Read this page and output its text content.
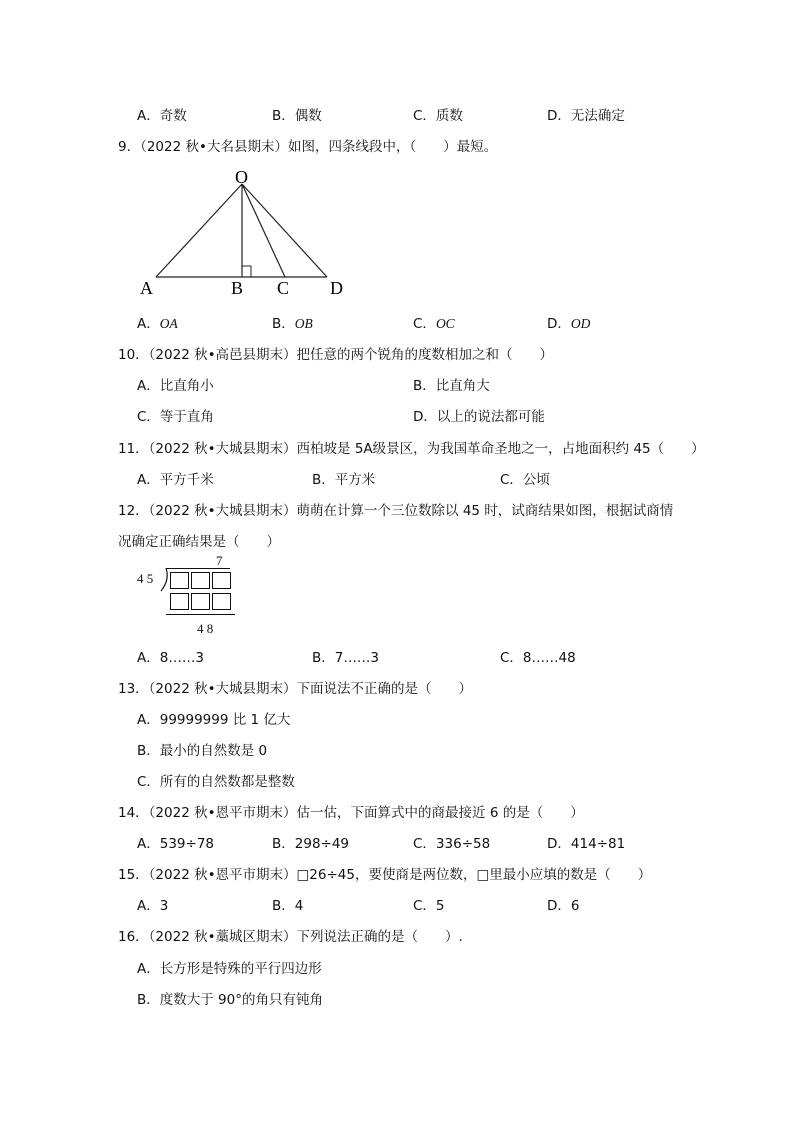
A．奇数	B．偶数	C．质数	D．无法确定
9．（2022 秋•大名县期末）如图，四条线段中，（　　）最短。
O
A	B C D
A．OA	B．OB	C．OC	D．OD
10．（2022 秋•高邑县期末）把任意的两个锐角的度数相加之和（　　）
A．比直角小	B．比直角大
C．等于直角	D．以上的说法都可能
11．（2022 秋•大城县期末）西柏坡是 5A级景区，为我国革命圣地之一，占地面积约 45（　　）
A．平方千米	B．平方米	C．公顷
12．（2022 秋•大城县期末）萌萌在计算一个三位数除以 45 时，试商结果如图，根据试商情
况确定正确结果是（　　）
7
4 5
4 8
A．8……3	B．7……3	C．8……48
13．（2022 秋•大城县期末）下面说法不正确的是（　　）
A．99999999 比 1 亿大
B．最小的自然数是 0
C．所有的自然数都是整数
14．（2022 秋•恩平市期末）估一估，下面算式中的商最接近 6 的是（　　）
A．539÷78	B．298÷49	C．336÷58	D．414÷81
15．（2022 秋•恩平市期末）□26÷45，要使商是两位数，□里最小应填的数是（　　）
A．3	B．4	C．5	D．6
16．（2022 秋•藁城区期末）下列说法正确的是（　　）.
A．长方形是特殊的平行四边形
B．度数大于 90°的角只有钝角
